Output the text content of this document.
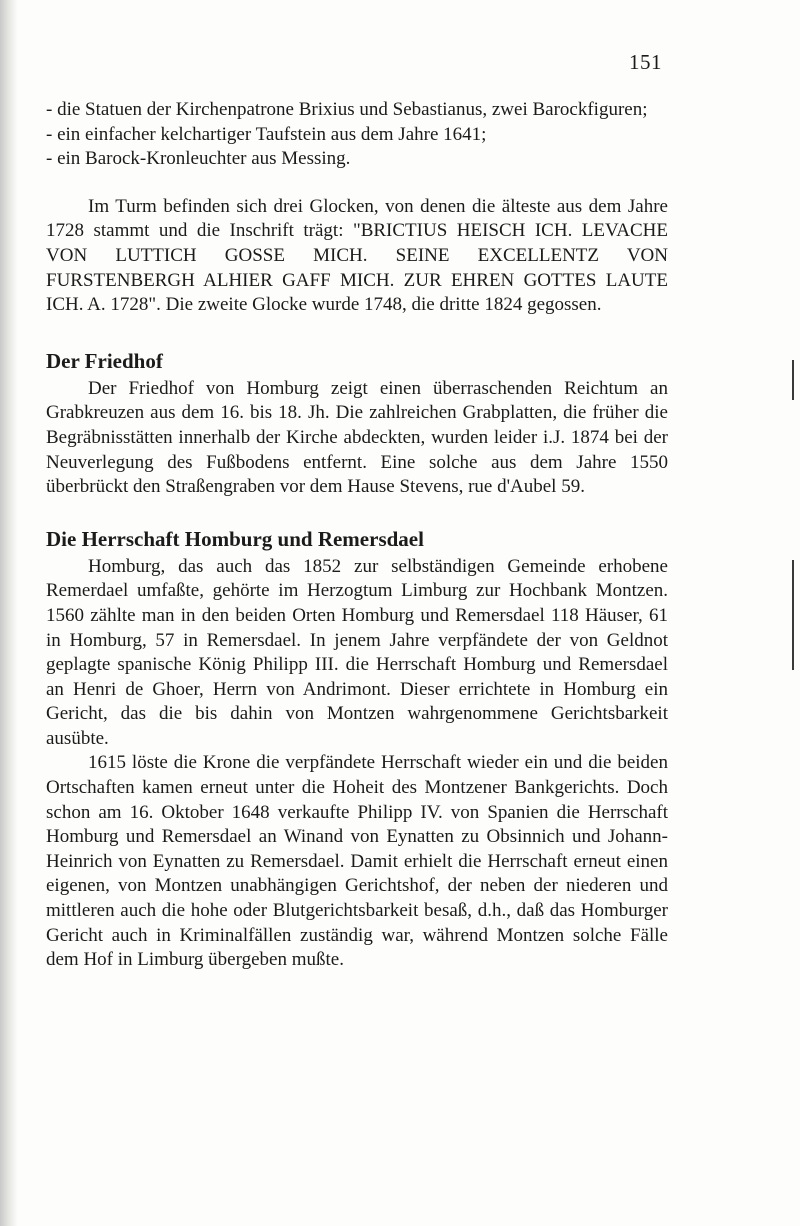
151

- die Statuen der Kirchenpatrone Brixius und Sebastianus, zwei Barockfiguren;

- ein einfacher kelchartiger Taufstein aus dem Jahre 1641;

- ein Barock-Kronleuchter aus Messing.

Im Turm befinden sich drei Glocken, von denen die älteste aus dem Jahre 1728 stammt und die Inschrift trägt: "BRICTIUS HEISCH ICH. LEVACHE VON LUTTICH GOSSE MICH. SEINE EXCELLENTZ VON FURSTENBERGH ALHIER GAFF MICH. ZUR EHREN GOTTES LAUTE ICH. A. 1728". Die zweite Glocke wurde 1748, die dritte 1824 gegossen.

Der Friedhof

Der Friedhof von Homburg zeigt einen überraschenden Reichtum an Grabkreuzen aus dem 16. bis 18. Jh. Die zahlreichen Grabplatten, die früher die Begräbnisstätten innerhalb der Kirche abdeckten, wurden leider i.J. 1874 bei der Neuverlegung des Fußbodens entfernt. Eine solche aus dem Jahre 1550 überbrückt den Straßengraben vor dem Hause Stevens, rue d'Aubel 59.

Die Herrschaft Homburg und Remersdael

Homburg, das auch das 1852 zur selbständigen Gemeinde erhobene Remerdael umfaßte, gehörte im Herzogtum Limburg zur Hochbank Montzen. 1560 zählte man in den beiden Orten Homburg und Remersdael 118 Häuser, 61 in Homburg, 57 in Remersdael. In jenem Jahre verpfändete der von Geldnot geplagte spanische König Philipp III. die Herrschaft Homburg und Remersdael an Henri de Ghoer, Herrn von Andrimont. Dieser errichtete in Homburg ein Gericht, das die bis dahin von Montzen wahrgenommene Gerichtsbarkeit ausübte.

1615 löste die Krone die verpfändete Herrschaft wieder ein und die beiden Ortschaften kamen erneut unter die Hoheit des Montzener Bankgerichts. Doch schon am 16. Oktober 1648 verkaufte Philipp IV. von Spanien die Herrschaft Homburg und Remersdael an Winand von Eynatten zu Obsinnich und Johann-Heinrich von Eynatten zu Remersdael. Damit erhielt die Herrschaft erneut einen eigenen, von Montzen unabhängigen Gerichtshof, der neben der niederen und mittleren auch die hohe oder Blutgerichtsbarkeit besaß, d.h., daß das Homburger Gericht auch in Kriminalfällen zuständig war, während Montzen solche Fälle dem Hof in Limburg übergeben mußte.
